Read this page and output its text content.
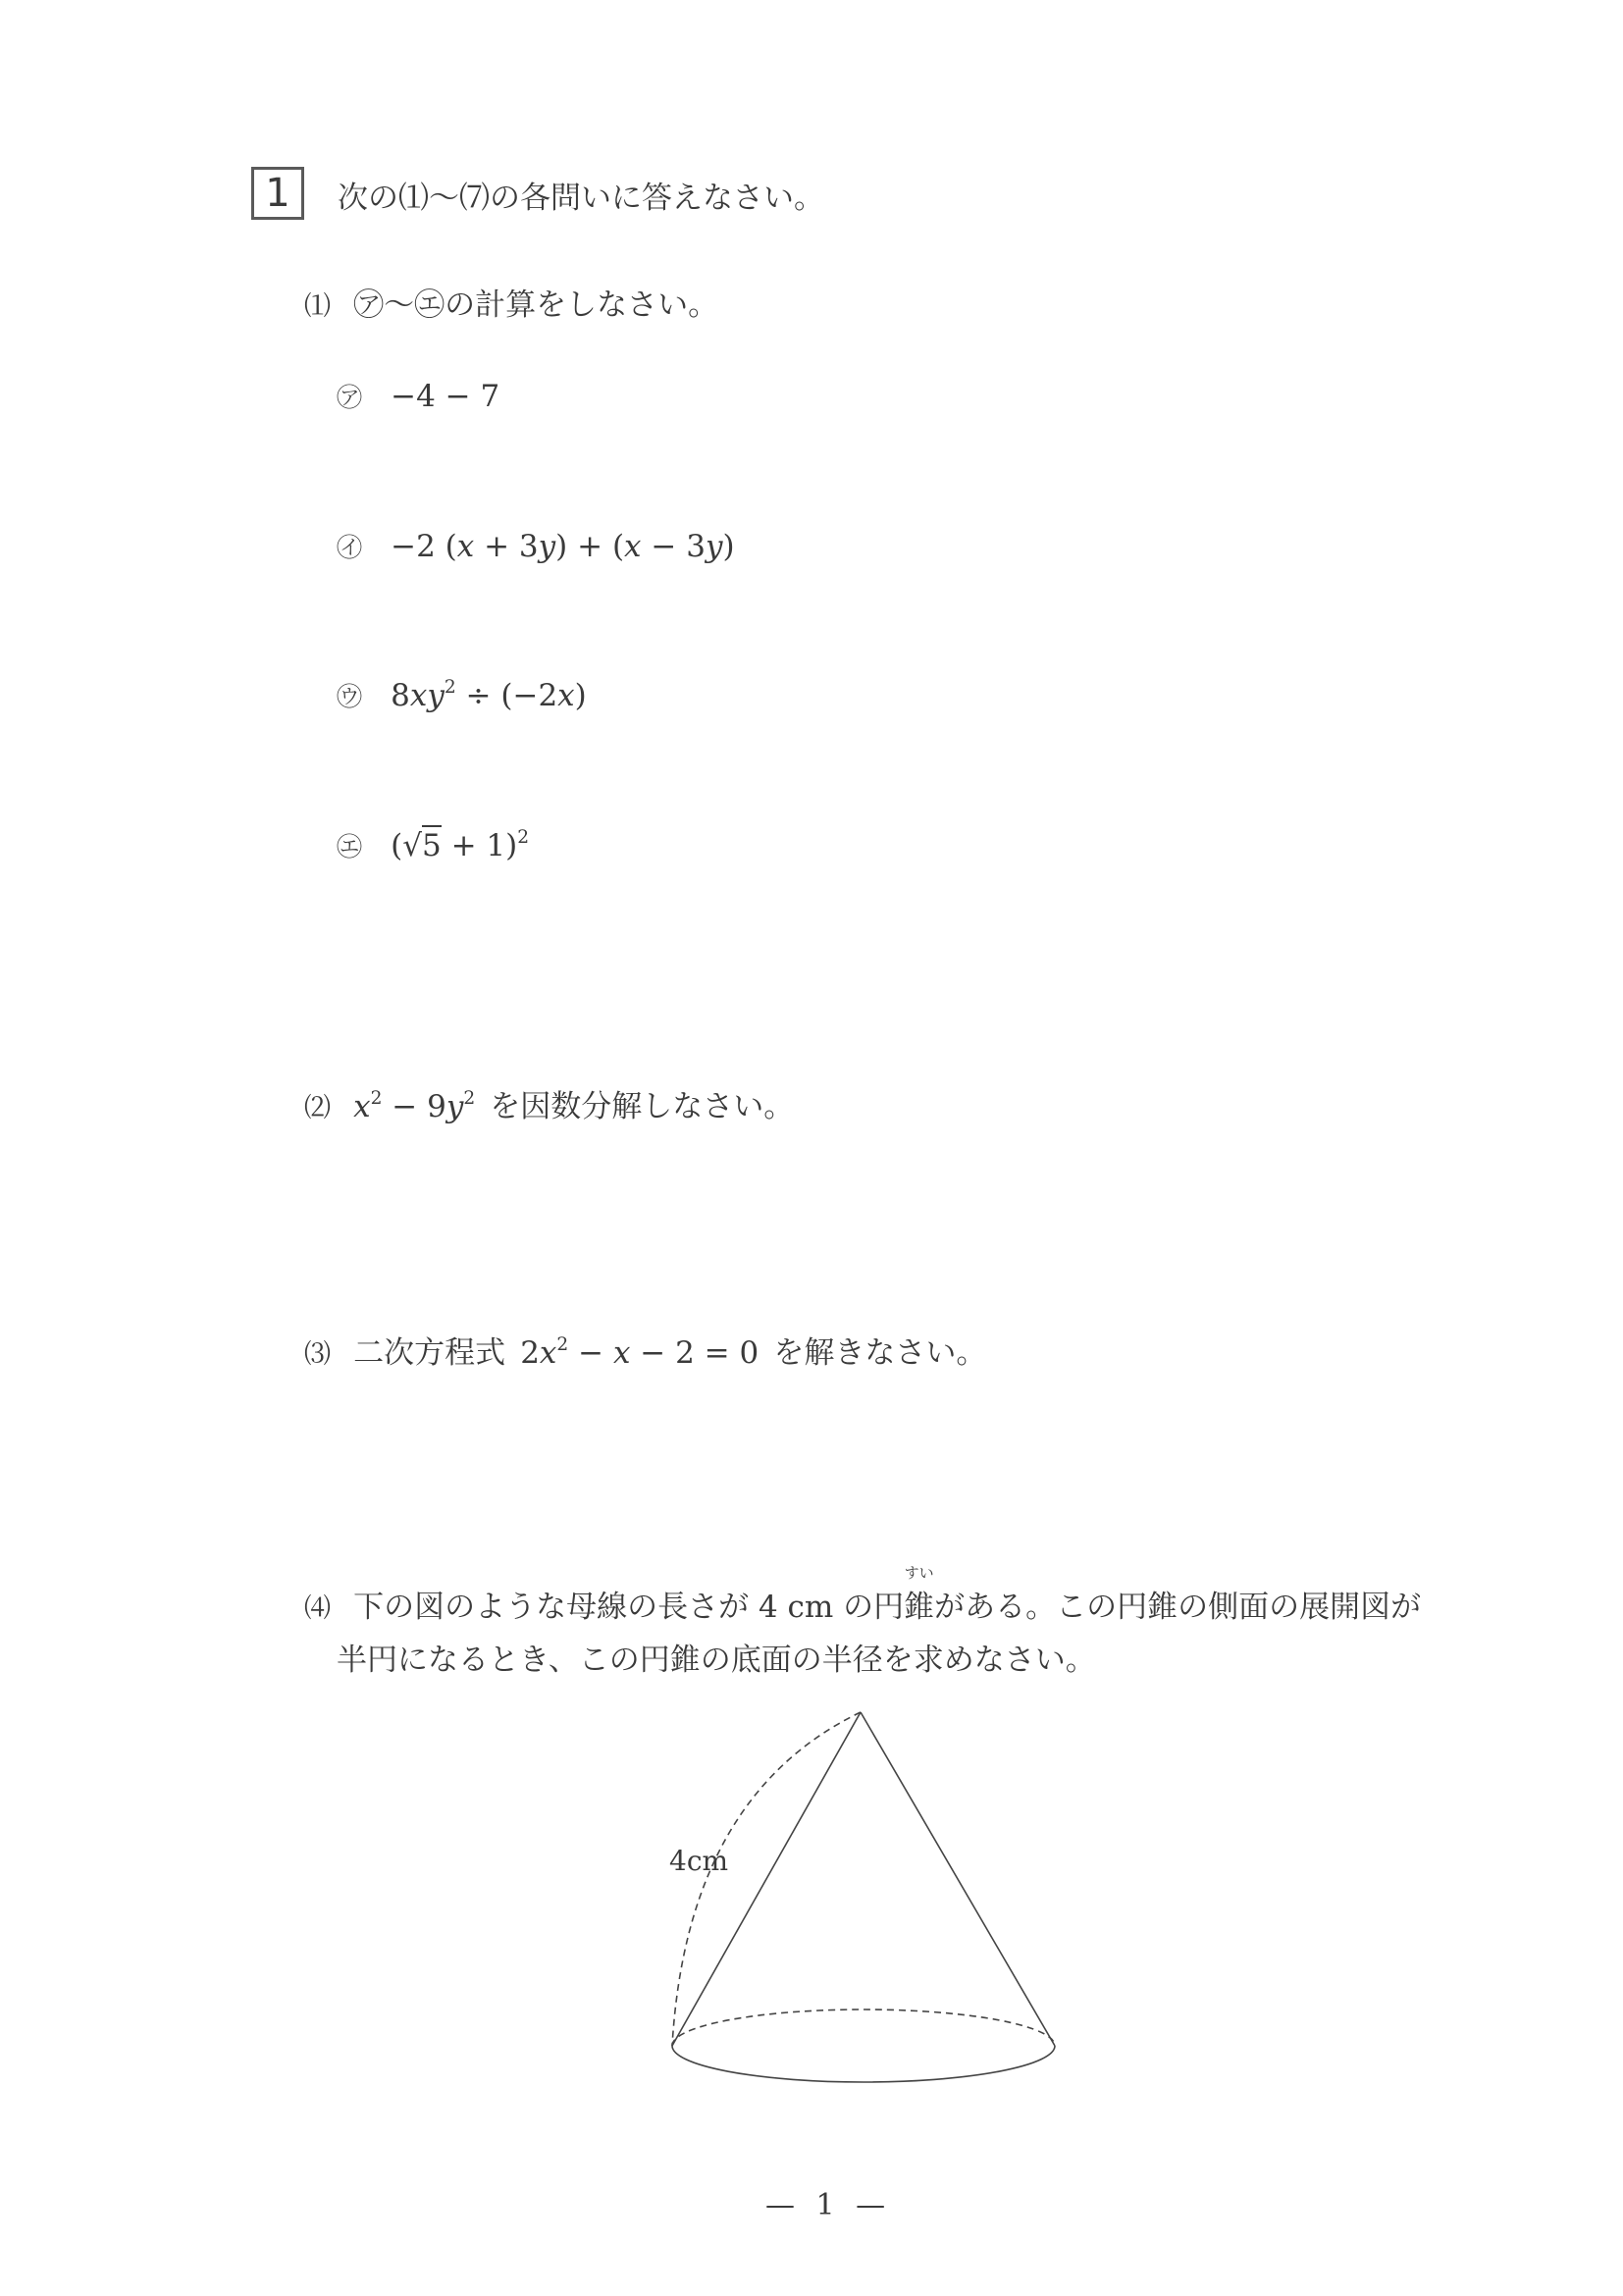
1	次の⑴〜⑺の各問いに答えなさい。
⑴ ㋐〜㋓の計算をしなさい。
㋐ −4 − 7
㋑ −2 (x + 3y) + (x − 3y)
㋒ $8xy^2 \div (-2x)$
㋓ $(√5 + 1)^2$
⑵ $x^2 - 9y^2$ を因数分解しなさい。
⑶ 二次方程式 $2x^2 - x - 2 = 0$ を解きなさい。
⑷ 下の図のような母線の長さが 4 cm の円
すい
錐がある。この円錐の側面の展開図が
半円になるとき、この円錐の底面の半径を求めなさい。
4cm
— 1 —
